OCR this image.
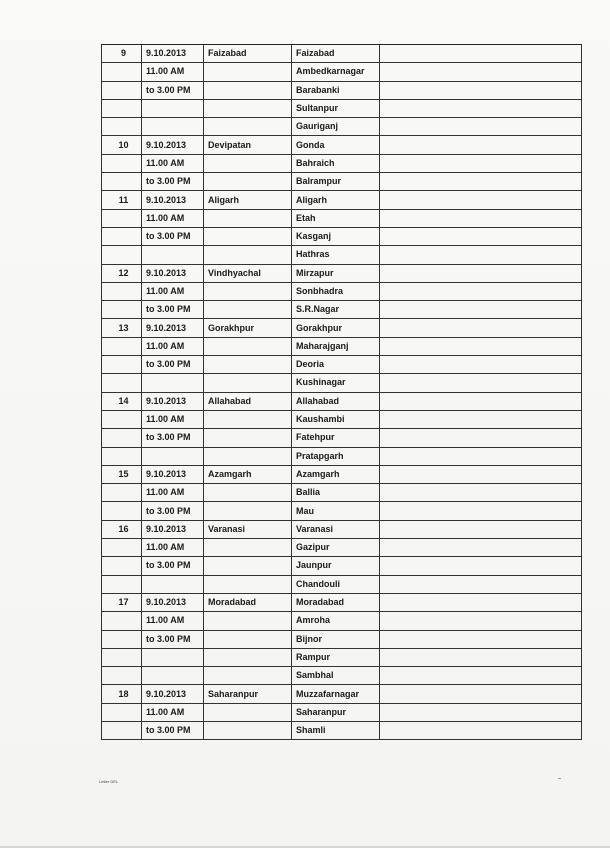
9	9.10.2013	Faizabad	Faizabad	
	11.00 AM		Ambedkarnagar	
	to 3.00 PM		Barabanki	
			Sultanpur	
			Gauriganj	
10	9.10.2013	Devipatan	Gonda	
	11.00 AM		Bahraich	
	to 3.00 PM		Balrampur	
11	9.10.2013	Aligarh	Aligarh	
	11.00 AM		Etah	
	to 3.00 PM		Kasganj	
			Hathras	
12	9.10.2013	Vindhyachal	Mirzapur	
	11.00 AM		Sonbhadra	
	to 3.00 PM		S.R.Nagar	
13	9.10.2013	Gorakhpur	Gorakhpur	
	11.00 AM		Maharajganj	
	to 3.00 PM		Deoria	
			Kushinagar	
14	9.10.2013	Allahabad	Allahabad	
	11.00 AM		Kaushambi	
	to 3.00 PM		Fatehpur	
			Pratapgarh	
15	9.10.2013	Azamgarh	Azamgarh	
	11.00 AM		Ballia	
	to 3.00 PM		Mau	
16	9.10.2013	Varanasi	Varanasi	
	11.00 AM		Gazipur	
	to 3.00 PM		Jaunpur	
			Chandouli	
17	9.10.2013	Moradabad	Moradabad	
	11.00 AM		Amroha	
	to 3.00 PM		Bijnor	
			Rampur	
			Sambhal	
18	9.10.2013	Saharanpur	Muzzafarnagar	
	11.00 AM		Saharanpur	
	to 3.00 PM		Shamli	
Letter DEL
